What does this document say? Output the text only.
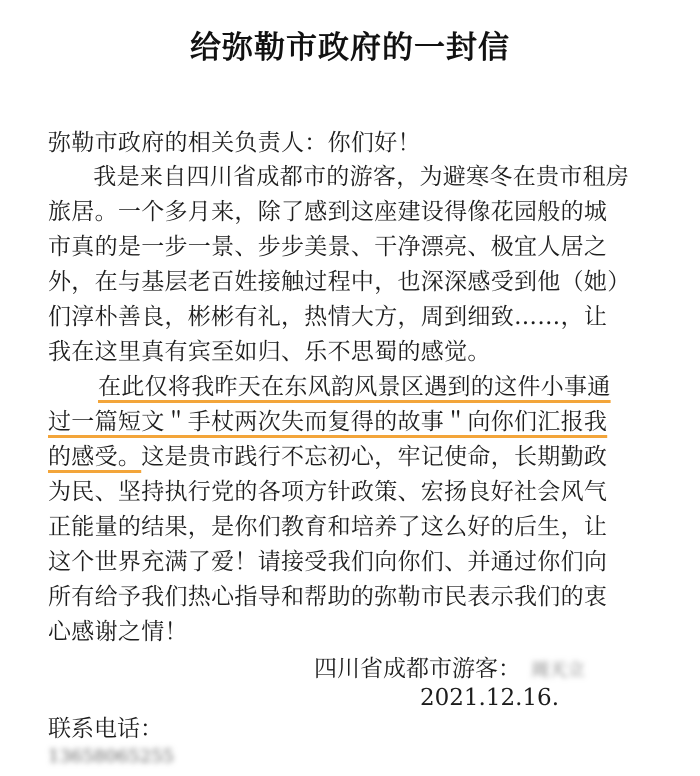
给弥勒市政府的一封信
弥勒市政府的相关负责人：你们好！
　我是来自四川省成都市的游客，为避寒冬在贵市租房
旅居。一个多月来，除了感到这座建设得像花园般的城
市真的是一步一景、步步美景、干净漂亮、极宜人居之
外，在与基层老百姓接触过程中，也深深感受到他（她）
们淳朴善良，彬彬有礼，热情大方，周到细致……，让
我在这里真有宾至如归、乐不思蜀的感觉。
在此仅将我昨天在东风韵风景区遇到的这件小事通
过一篇短文＂手杖两次失而复得的故事＂向你们汇报我
的感受。这是贵市践行不忘初心，牢记使命，长期勤政
为民、坚持执行党的各项方针政策、宏扬良好社会风气
正能量的结果，是你们教育和培养了这么好的后生，让
这个世界充满了爱！请接受我们向你们、并通过你们向
所有给予我们热心指导和帮助的弥勒市民表示我们的衷
心感谢之情！
四川省成都市游客： 周天立
2021.12.16.
联系电话：
13658065255
